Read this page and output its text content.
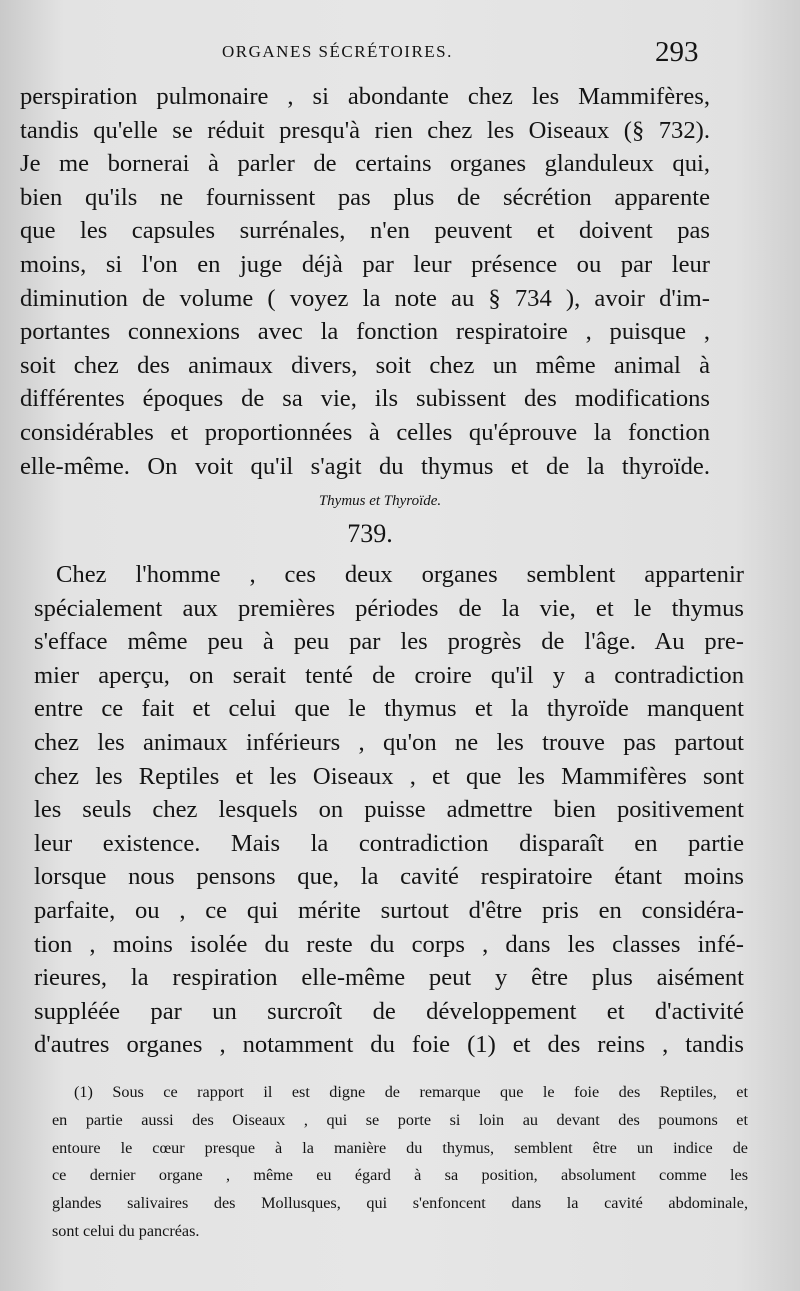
ORGANES SÉCRÉTOIRES.	293
perspiration pulmonaire , si abondante chez les Mammifères,
tandis qu'elle se réduit presqu'à rien chez les Oiseaux (§ 732).
Je me bornerai à parler de certains organes glanduleux qui,
bien qu'ils ne fournissent pas plus de sécrétion apparente
que les capsules surrénales, n'en peuvent et doivent pas
moins, si l'on en juge déjà par leur présence ou par leur
diminution de volume ( voyez la note au § 734 ), avoir d'im-
portantes connexions avec la fonction respiratoire , puisque ,
soit chez des animaux divers, soit chez un même animal à
différentes époques de sa vie, ils subissent des modifications
considérables et proportionnées à celles qu'éprouve la fonction
elle-même. On voit qu'il s'agit du thymus et de la thyroïde.
Thymus et Thyroïde.
739.
Chez l'homme , ces deux organes semblent appartenir
spécialement aux premières périodes de la vie, et le thymus
s'efface même peu à peu par les progrès de l'âge. Au pre-
mier aperçu, on serait tenté de croire qu'il y a contradiction
entre ce fait et celui que le thymus et la thyroïde manquent
chez les animaux inférieurs , qu'on ne les trouve pas partout
chez les Reptiles et les Oiseaux , et que les Mammifères sont
les seuls chez lesquels on puisse admettre bien positivement
leur existence. Mais la contradiction disparaît en partie
lorsque nous pensons que, la cavité respiratoire étant moins
parfaite, ou , ce qui mérite surtout d'être pris en considéra-
tion , moins isolée du reste du corps , dans les classes infé-
rieures, la respiration elle-même peut y être plus aisément
suppléée par un surcroît de développement et d'activité
d'autres organes , notamment du foie (1) et des reins , tandis
(1) Sous ce rapport il est digne de remarque que le foie des Reptiles, et
en partie aussi des Oiseaux , qui se porte si loin au devant des poumons et
entoure le cœur presque à la manière du thymus, semblent être un indice de
ce dernier organe , même eu égard à sa position, absolument comme les
glandes salivaires des Mollusques, qui s'enfoncent dans la cavité abdominale,
sont celui du pancréas.
